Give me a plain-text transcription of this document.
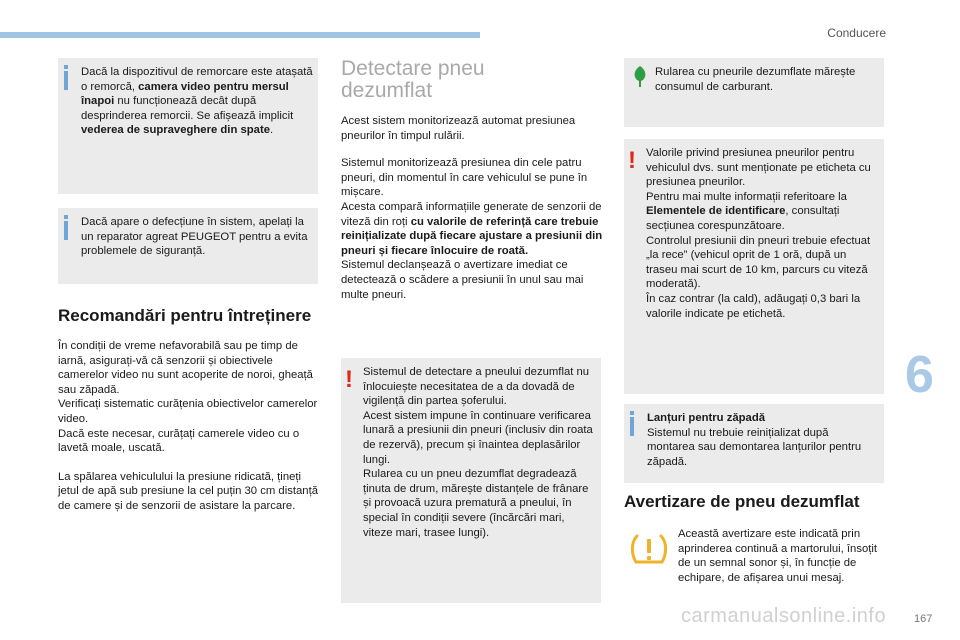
Conducere

Dacă la dispozitivul de remorcare este atașată o remorcă, camera video pentru mersul înapoi nu funcționează decât după desprinderea remorcii. Se afișează implicit vederea de supraveghere din spate.

Dacă apare o defecțiune în sistem, apelați la un reparator agreat PEUGEOT pentru a evita problemele de siguranță.

Recomandări pentru întreținere

În condiții de vreme nefavorabilă sau pe timp de iarnă, asigurați-vă că senzorii și obiectivele camerelor video nu sunt acoperite de noroi, gheață sau zăpadă.

Verificați sistematic curățenia obiectivelor camerelor video.

Dacă este necesar, curățați camerele video cu o lavetă moale, uscată.

La spălarea vehiculului la presiune ridicată, țineți jetul de apă sub presiune la cel puțin 30 cm distanță de camere și de senzorii de asistare la parcare.

Detectare pneu dezumflat

Acest sistem monitorizează automat presiunea pneurilor în timpul rulării.

Sistemul monitorizează presiunea din cele patru pneuri, din momentul în care vehiculul se pune în mișcare.

Acesta compară informațiile generate de senzorii de viteză din roți cu valorile de referință care trebuie reinițializate după fiecare ajustare a presiunii din pneuri și fiecare înlocuire de roată.

Sistemul declanșează o avertizare imediat ce detectează o scădere a presiunii în unul sau mai multe pneuri.

! Sistemul de detectare a pneului dezumflat nu înlocuiește necesitatea de a da dovadă de vigilență din partea șoferului.

Acest sistem impune în continuare verificarea lunară a presiunii din pneuri (inclusiv din roata de rezervă), precum și înaintea deplasărilor lungi.

Rularea cu un pneu dezumflat degradează ținuta de drum, mărește distanțele de frânare și provoacă uzura prematură a pneului, în special în condiții severe (încărcări mari, viteze mari, trasee lungi).

Rularea cu pneurile dezumflate mărește consumul de carburant.

! Valorile privind presiunea pneurilor pentru vehiculul dvs. sunt menționate pe eticheta cu presiunea pneurilor.

Pentru mai multe informații referitoare la Elementele de identificare, consultați secțiunea corespunzătoare.

Controlul presiunii din pneuri trebuie efectuat „la rece” (vehicul oprit de 1 oră, după un traseu mai scurt de 10 km, parcurs cu viteză moderată).

În caz contrar (la cald), adăugați 0,3 bari la valorile indicate pe etichetă.

Lanțuri pentru zăpadă

Sistemul nu trebuie reinițializat după montarea sau demontarea lanțurilor pentru zăpadă.

Avertizare de pneu dezumflat

Această avertizare este indicată prin aprinderea continuă a martorului, însoțit de un semnal sonor și, în funcție de echipare, de afișarea unui mesaj.

6
carmanualsonline.info	167
